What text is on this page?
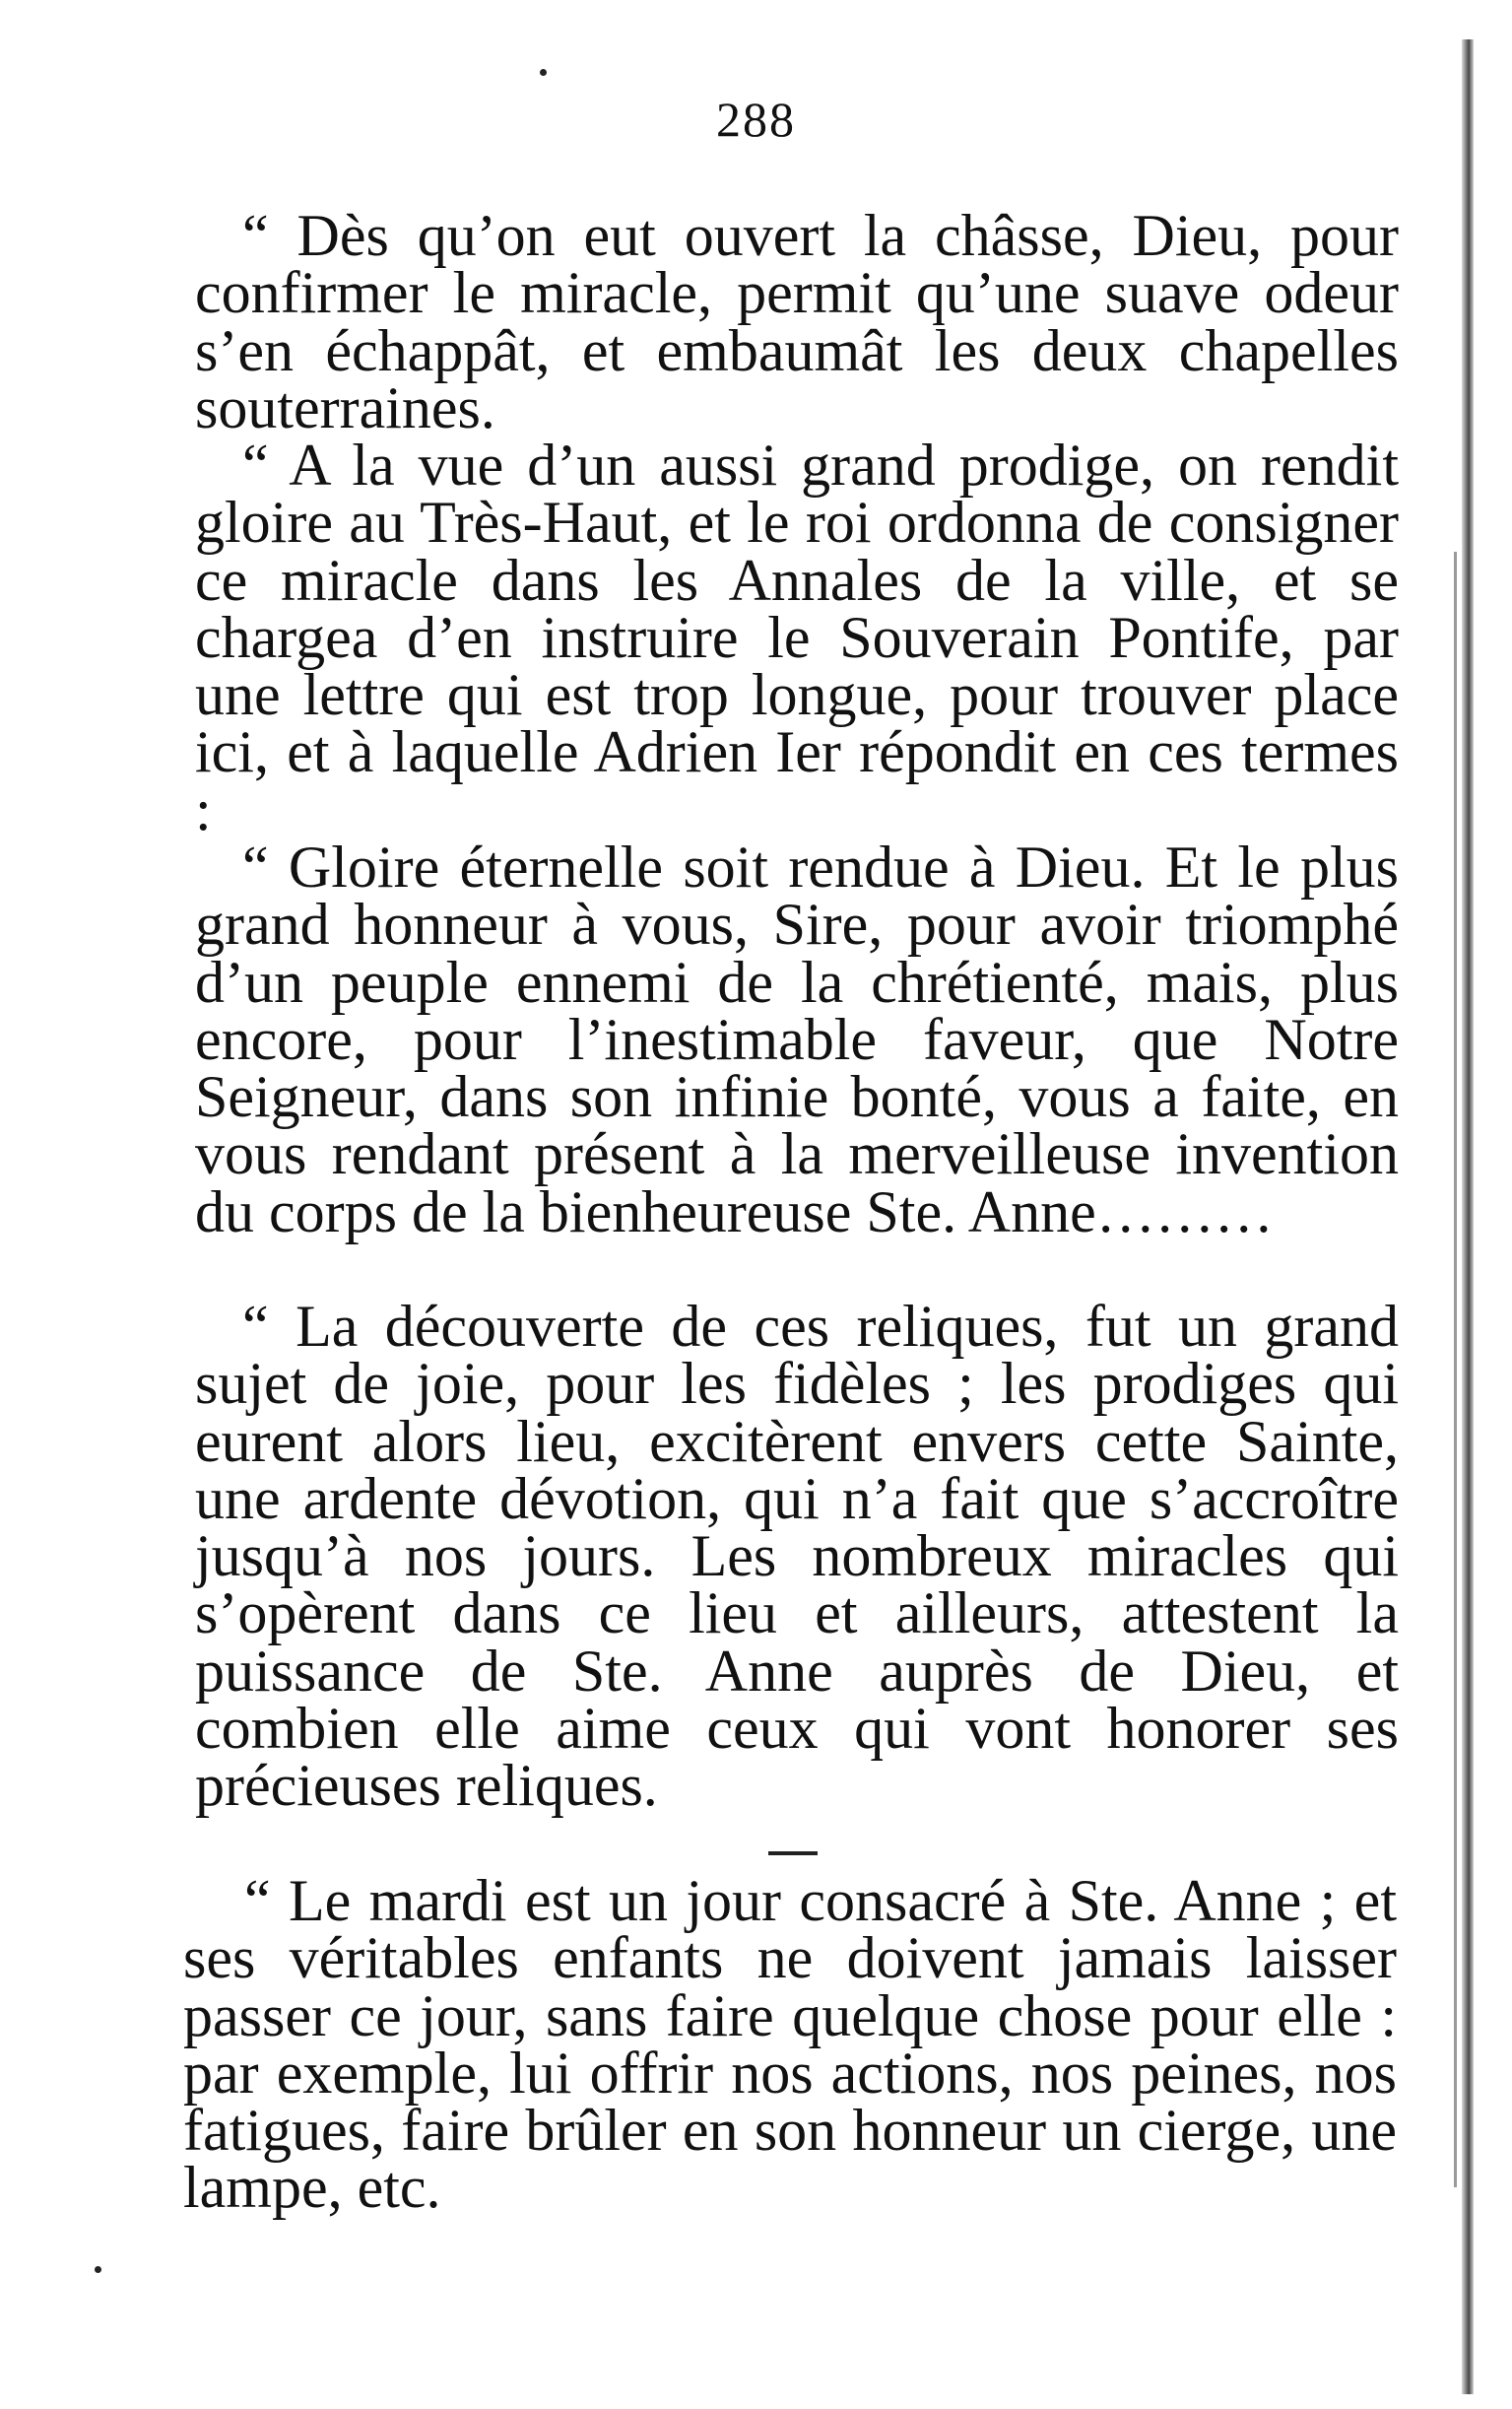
288

“ Dès qu’on eut ouvert la châsse, Dieu, pour confirmer le miracle, permit qu’une suave odeur s’en échappât, et embaumât les deux chapelles souterraines.

“ A la vue d’un aussi grand prodige, on rendit gloire au Très-Haut, et le roi ordonna de consigner ce miracle dans les Annales de la ville, et se chargea d’en instruire le Souverain Pontife, par une lettre qui est trop longue, pour trouver place ici, et à laquelle Adrien Ier répondit en ces termes :

“ Gloire éternelle soit rendue à Dieu. Et le plus grand honneur à vous, Sire, pour avoir triomphé d’un peuple ennemi de la chrétienté, mais, plus encore, pour l’inestimable faveur, que Notre Seigneur, dans son infinie bonté, vous a faite, en vous rendant présent à la merveilleuse invention du corps de la bienheureuse Ste. Anne………

“ La découverte de ces reliques, fut un grand sujet de joie, pour les fidèles ; les prodiges qui eurent alors lieu, excitèrent envers cette Sainte, une ardente dévotion, qui n’a fait que s’accroître jusqu’à nos jours. Les nombreux miracles qui s’opèrent dans ce lieu et ailleurs, attestent la puissance de Ste. Anne auprès de Dieu, et combien elle aime ceux qui vont honorer ses précieuses reliques.

“ Le mardi est un jour consacré à Ste. Anne ; et ses véritables enfants ne doivent jamais laisser passer ce jour, sans faire quelque chose pour elle : par exemple, lui offrir nos actions, nos peines, nos fatigues, faire brûler en son honneur un cierge, une lampe, etc.
